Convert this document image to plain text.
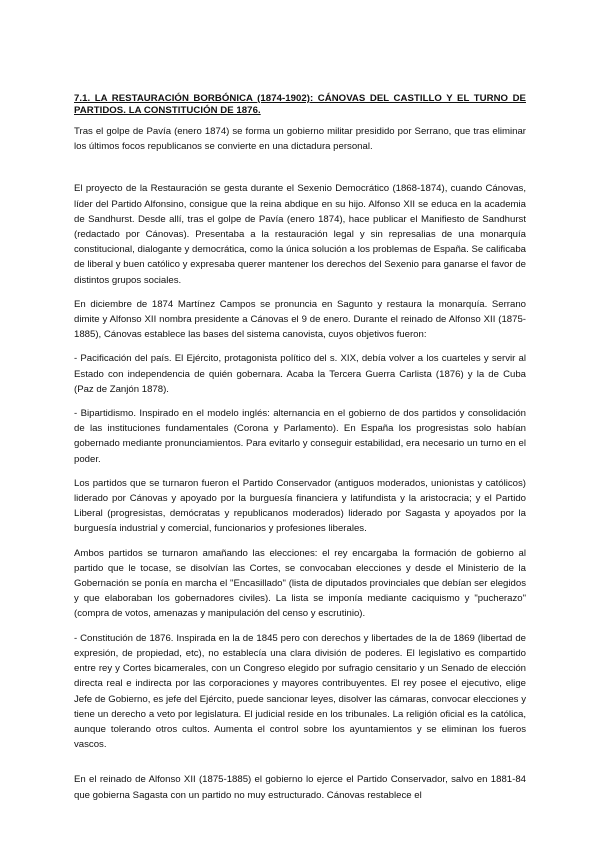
7.1. LA RESTAURACIÓN BORBÓNICA (1874-1902): CÁNOVAS DEL CASTILLO Y EL TURNO DE PARTIDOS. LA CONSTITUCIÓN DE 1876.

Tras el golpe de Pavía (enero 1874) se forma un gobierno militar presidido por Serrano, que tras eliminar los últimos focos republicanos se convierte en una dictadura personal.

El proyecto de la Restauración se gesta durante el Sexenio Democrático (1868-1874), cuando Cánovas, líder del Partido Alfonsino, consigue que la reina abdique en su hijo. Alfonso XII se educa en la academia de Sandhurst. Desde allí, tras el golpe de Pavía (enero 1874), hace publicar el Manifiesto de Sandhurst (redactado por Cánovas). Presentaba a la restauración legal y sin represalias de una monarquía constitucional, dialogante y democrática, como la única solución a los problemas de España. Se calificaba de liberal y buen católico y expresaba querer mantener los derechos del Sexenio para ganarse el favor de distintos grupos sociales.

En diciembre de 1874 Martínez Campos se pronuncia en Sagunto y restaura la monarquía. Serrano dimite y Alfonso XII nombra presidente a Cánovas el 9 de enero. Durante el reinado de Alfonso XII (1875-1885), Cánovas establece las bases del sistema canovista, cuyos objetivos fueron:

- Pacificación del país. El Ejército, protagonista político del s. XIX, debía volver a los cuarteles y servir al Estado con independencia de quién gobernara. Acaba la Tercera Guerra Carlista (1876) y la de Cuba (Paz de Zanjón 1878).

- Bipartidismo. Inspirado en el modelo inglés: alternancia en el gobierno de dos partidos y consolidación de las instituciones fundamentales (Corona y Parlamento). En España los progresistas solo habían gobernado mediante pronunciamientos. Para evitarlo y conseguir estabilidad, era necesario un turno en el poder.

Los partidos que se turnaron fueron el Partido Conservador (antiguos moderados, unionistas y católicos) liderado por Cánovas y apoyado por la burguesía financiera y latifundista y la aristocracia; y el Partido Liberal (progresistas, demócratas y republicanos moderados) liderado por Sagasta y apoyados por la burguesía industrial y comercial, funcionarios y profesiones liberales.

Ambos partidos se turnaron amañando las elecciones: el rey encargaba la formación de gobierno al partido que le tocase, se disolvían las Cortes, se convocaban elecciones y desde el Ministerio de la Gobernación se ponía en marcha el "Encasillado" (lista de diputados provinciales que debían ser elegidos y que elaboraban los gobernadores civiles). La lista se imponía mediante caciquismo y "pucherazo" (compra de votos, amenazas y manipulación del censo y escrutinio).

- Constitución de 1876. Inspirada en la de 1845 pero con derechos y libertades de la de 1869 (libertad de expresión, de propiedad, etc), no establecía una clara división de poderes. El legislativo es compartido entre rey y Cortes bicamerales, con un Congreso elegido por sufragio censitario y un Senado de elección directa real e indirecta por las corporaciones y mayores contribuyentes. El rey posee el ejecutivo, elige Jefe de Gobierno, es jefe del Ejército, puede sancionar leyes, disolver las cámaras, convocar elecciones y tiene un derecho a veto por legislatura. El judicial reside en los tribunales. La religión oficial es la católica, aunque tolerando otros cultos. Aumenta el control sobre los ayuntamientos y se eliminan los fueros vascos.

En el reinado de Alfonso XII (1875-1885) el gobierno lo ejerce el Partido Conservador, salvo en 1881-84 que gobierna Sagasta con un partido no muy estructurado. Cánovas restablece el
